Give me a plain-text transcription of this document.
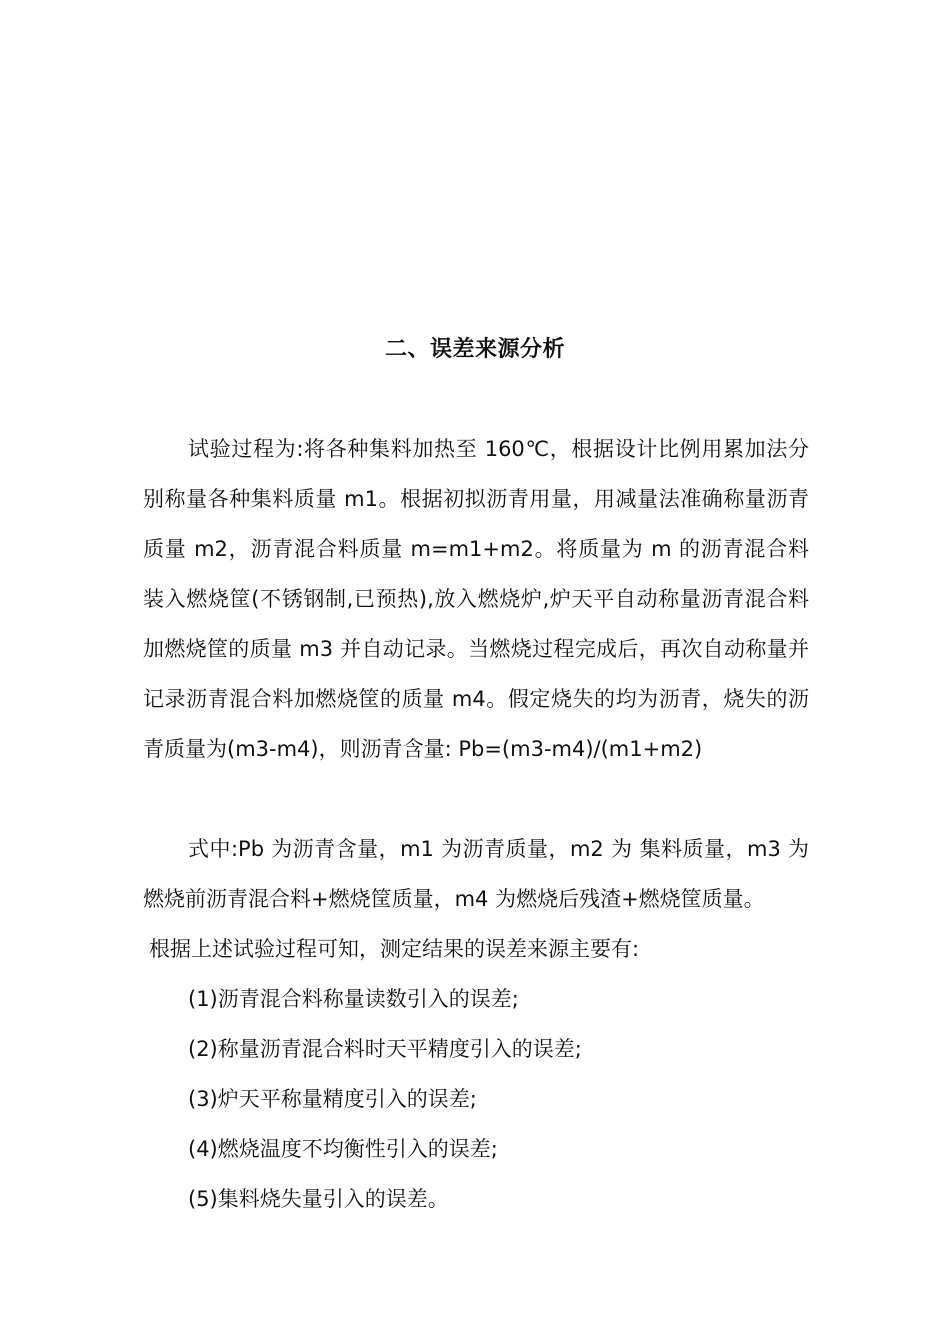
二、误差来源分析
试验过程为:将各种集料加热至 160℃，根据设计比例用累加法分别称量各种集料质量 m1。根据初拟沥青用量，用减量法准确称量沥青质量 m2，沥青混合料质量 m=m1+m2。将质量为 m 的沥青混合料装入燃烧筐(不锈钢制,已预热),放入燃烧炉,炉天平自动称量沥青混合料加燃烧筐的质量 m3 并自动记录。当燃烧过程完成后，再次自动称量并记录沥青混合料加燃烧筐的质量 m4。假定烧失的均为沥青，烧失的沥青质量为(m3-m4)，则沥青含量: Pb=(m3-m4)/(m1+m2)
式中:Pb 为沥青含量，m1 为沥青质量，m2 为 集料质量，m3 为燃烧前沥青混合料+燃烧筐质量，m4 为燃烧后残渣+燃烧筐质量。
根据上述试验过程可知，测定结果的误差来源主要有:
(1)沥青混合料称量读数引入的误差;
(2)称量沥青混合料时天平精度引入的误差;
(3)炉天平称量精度引入的误差;
(4)燃烧温度不均衡性引入的误差;
(5)集料烧失量引入的误差。
